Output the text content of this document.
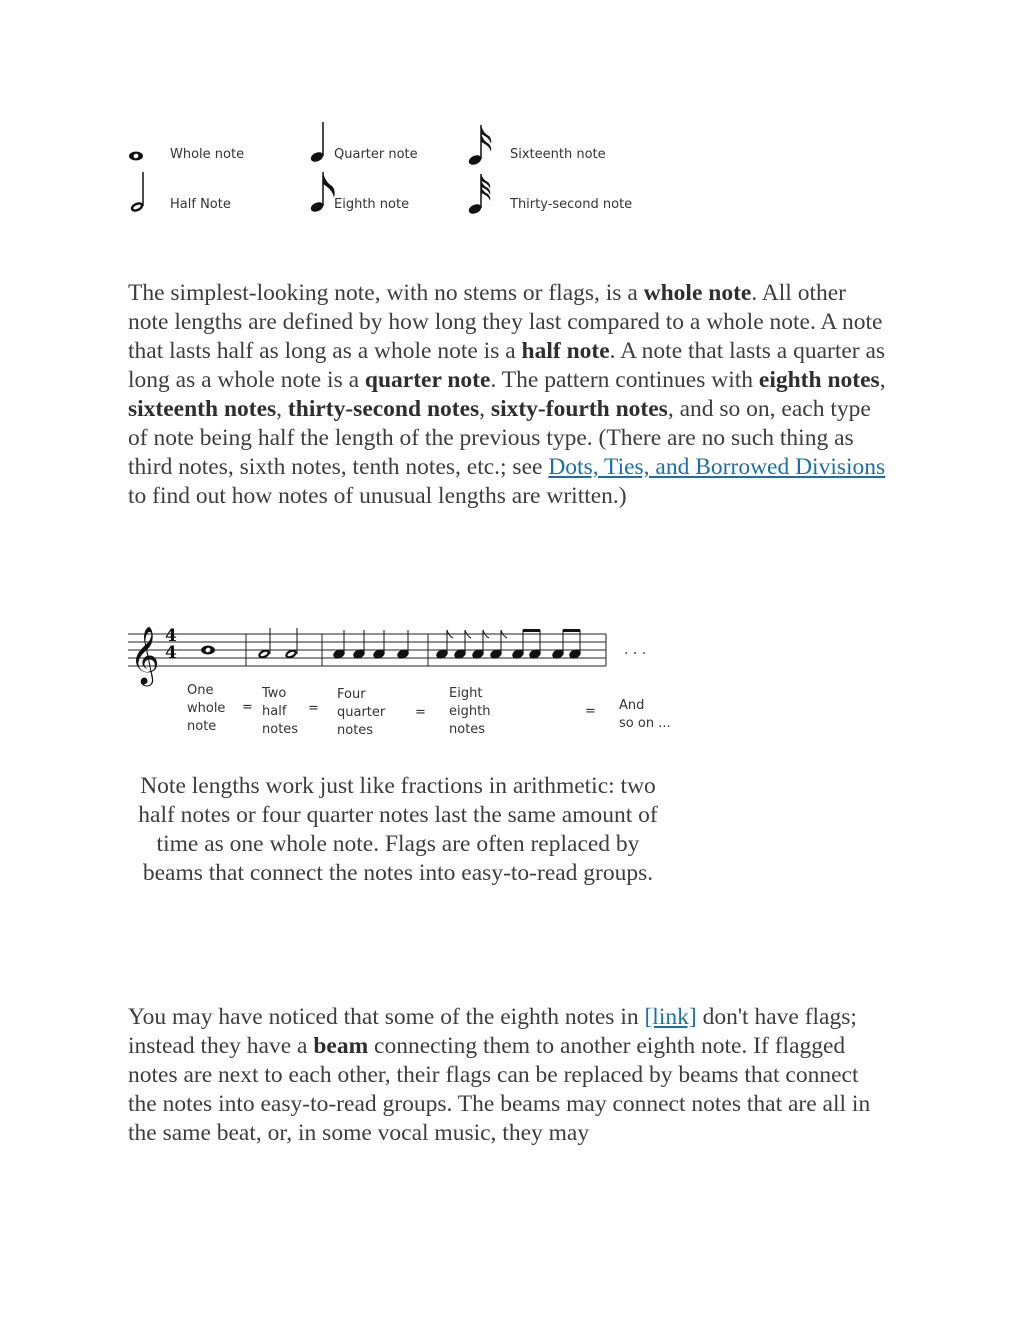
Whole note
Half Note
Quarter note
Eighth note
Sixteenth note
Thirty-second note

The simplest-looking note, with no stems or flags, is a whole note. All other note lengths are defined by how long they last compared to a whole note. A note that lasts half as long as a whole note is a half note. A note that lasts a quarter as long as a whole note is a quarter note. The pattern continues with eighth notes, sixteenth notes, thirty-second notes, sixty-fourth notes, and so on, each type of note being half the length of the previous type. (There are no such thing as third notes, sixth notes, tenth notes, etc.; see Dots, Ties, and Borrowed Divisions to find out how notes of unusual lengths are written.)

𝄞 4
4	. . .
One
whole
note
=
Two
half
notes
=
Four
quarter
notes
=
Eight
eighth
notes
= And
so on ...

Note lengths work just like fractions in arithmetic: two half notes or four quarter notes last the same amount of time as one whole note. Flags are often replaced by beams that connect the notes into easy-to-read groups.

You may have noticed that some of the eighth notes in [link] don't have flags; instead they have a beam connecting them to another eighth note. If flagged notes are next to each other, their flags can be replaced by beams that connect the notes into easy-to-read groups. The beams may connect notes that are all in the same beat, or, in some vocal music, they may
